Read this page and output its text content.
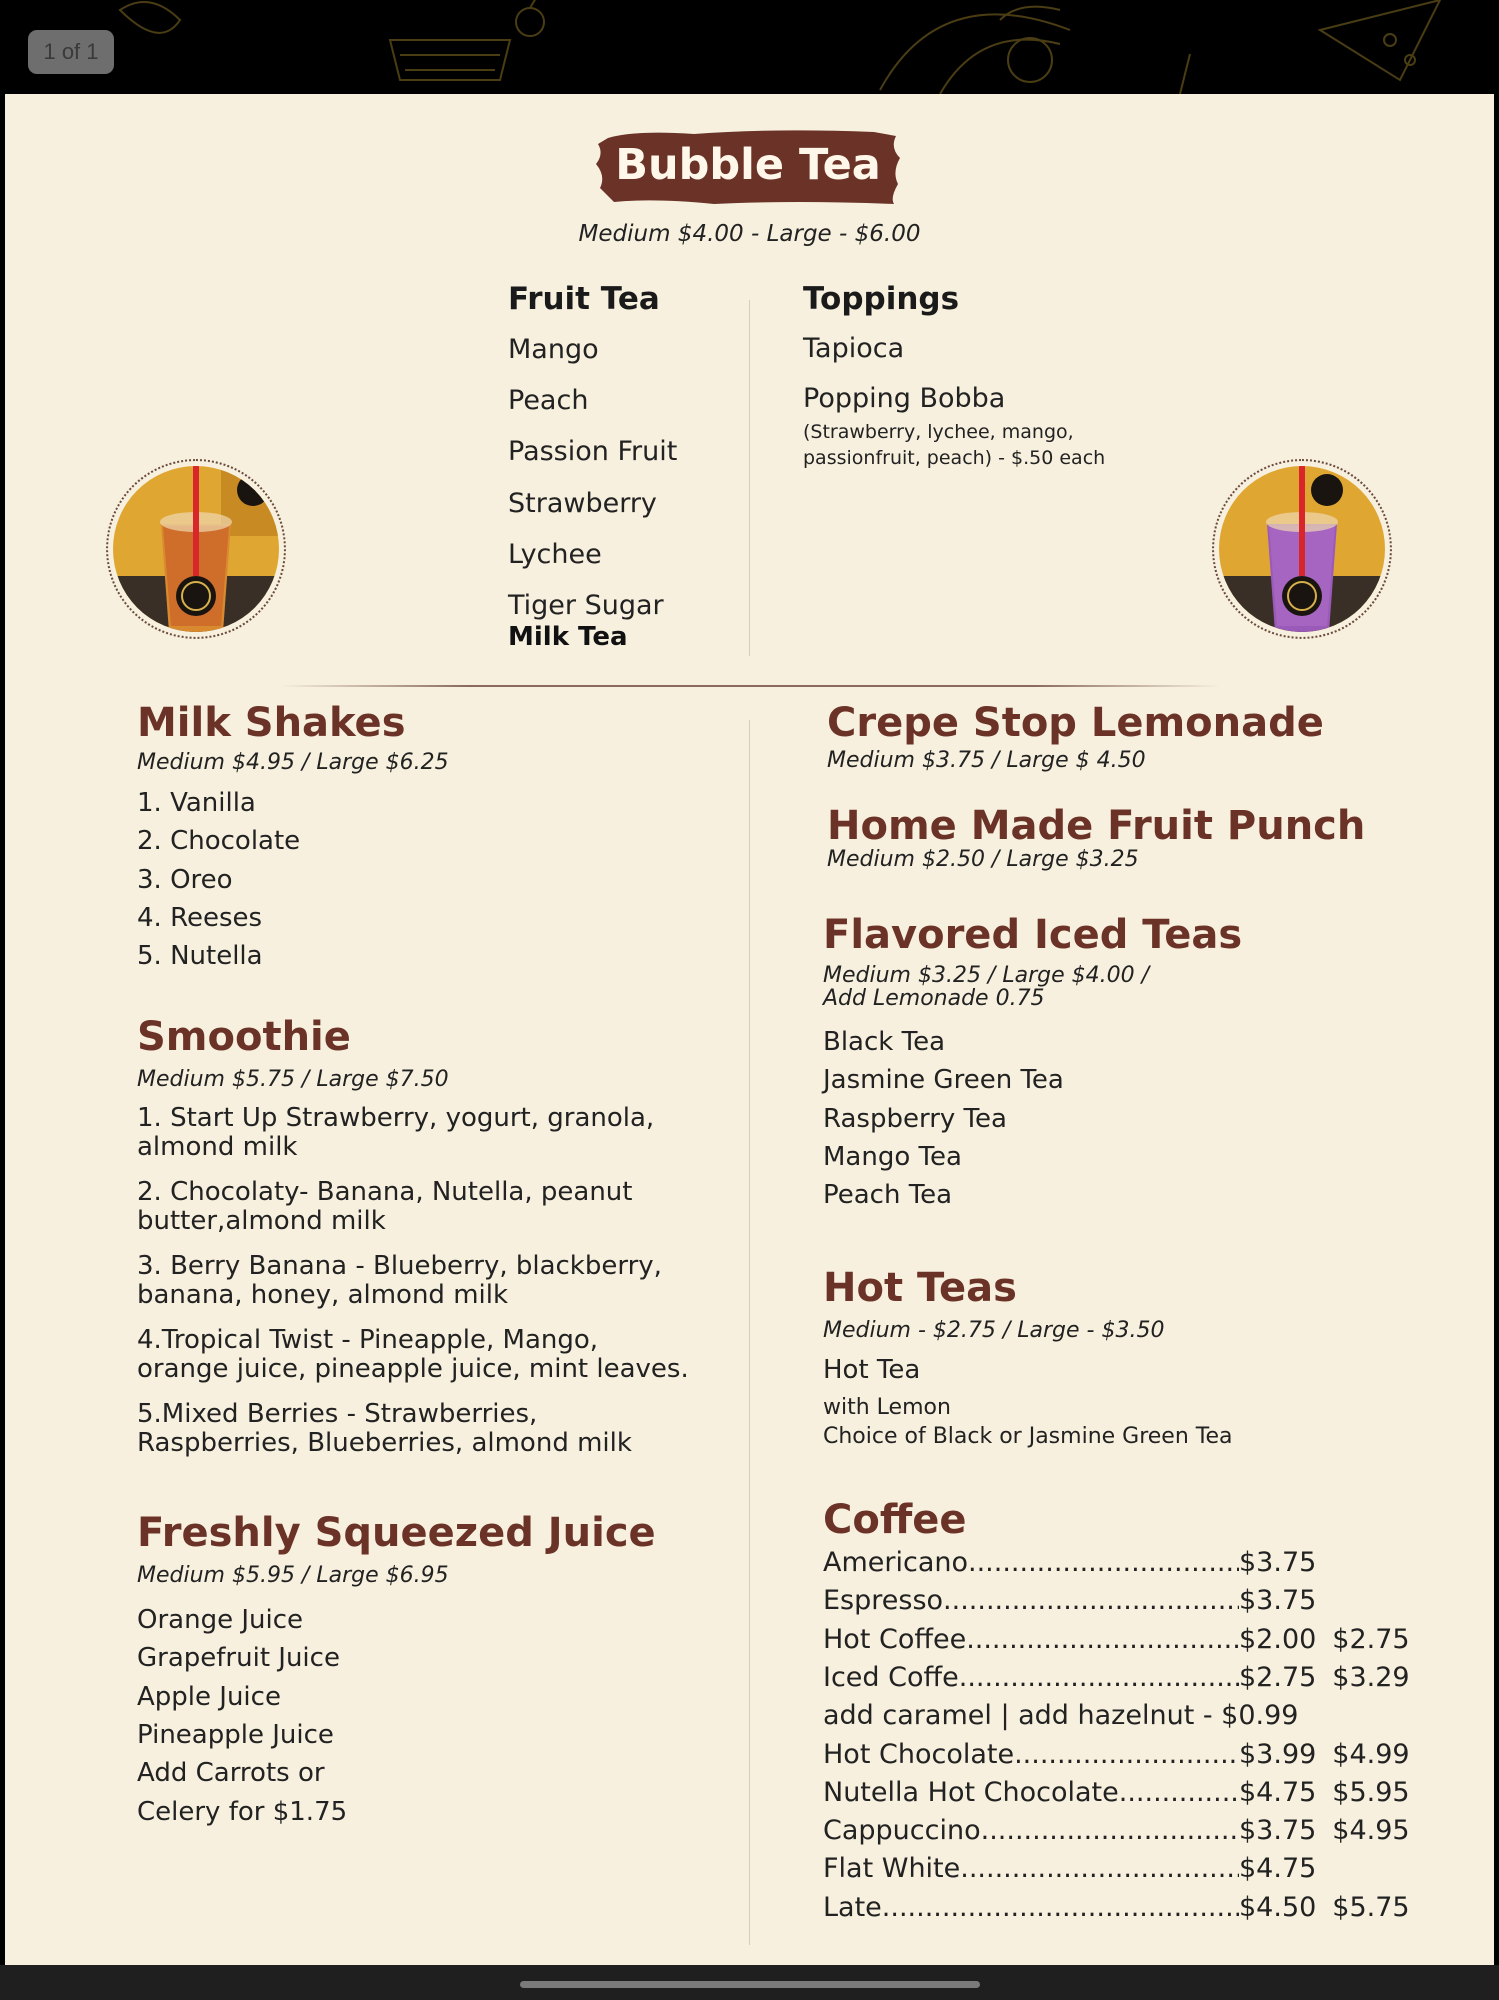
1 of 1
Bubble Tea
Medium $4.00 - Large - $6.00
Fruit Tea
Mango
Peach
Passion Fruit
Strawberry
Lychee
Tiger Sugar
Milk Tea
Toppings
Tapioca
Popping Bobba
(Strawberry, lychee, mango,
passionfruit, peach) - $.50 each
Milk Shakes
Medium $4.95 / Large $6.25
1. Vanilla
2. Chocolate
3. Oreo
4. Reeses
5. Nutella
Smoothie
Medium $5.75 / Large $7.50
1. Start Up Strawberry, yogurt, granola,
almond milk
2. Chocolaty- Banana, Nutella, peanut
butter,almond milk
3. Berry Banana - Blueberry, blackberry,
banana, honey, almond milk
4.Tropical Twist - Pineapple, Mango,
orange juice, pineapple juice, mint leaves.
5.Mixed Berries - Strawberries,
Raspberries, Blueberries, almond milk
Freshly Squeezed Juice
Medium $5.95 / Large $6.95
Orange Juice
Grapefruit Juice
Apple Juice
Pineapple Juice
Add Carrots or
Celery for $1.75
Crepe Stop Lemonade
Medium $3.75 / Large $ 4.50
Home Made Fruit Punch
Medium $2.50 / Large $3.25
Flavored Iced Teas
Medium $3.25 / Large $4.00 /
Add Lemonade 0.75
Black Tea
Jasmine Green Tea
Raspberry Tea
Mango Tea
Peach Tea
Hot Teas
Medium - $2.75 / Large - $3.50
Hot Tea
with Lemon
Choice of Black or Jasmine Green Tea
Coffee
Americano	$3.75
.....
Espresso	$3.75
.....
Hot Coffee	$2.00 $2.75
.....
Iced Coffe	$2.75 $3.29
.....
Hot Chocolate	$3.99 $4.99
.....
Nutella Hot Chocolate	$4.75 $5.95
.....
Cappuccino	$3.75 $4.95
.....
Flat White	$4.75
.....
Late	$4.50 $5.75
.....
add caramel | add hazelnut - $0.99
